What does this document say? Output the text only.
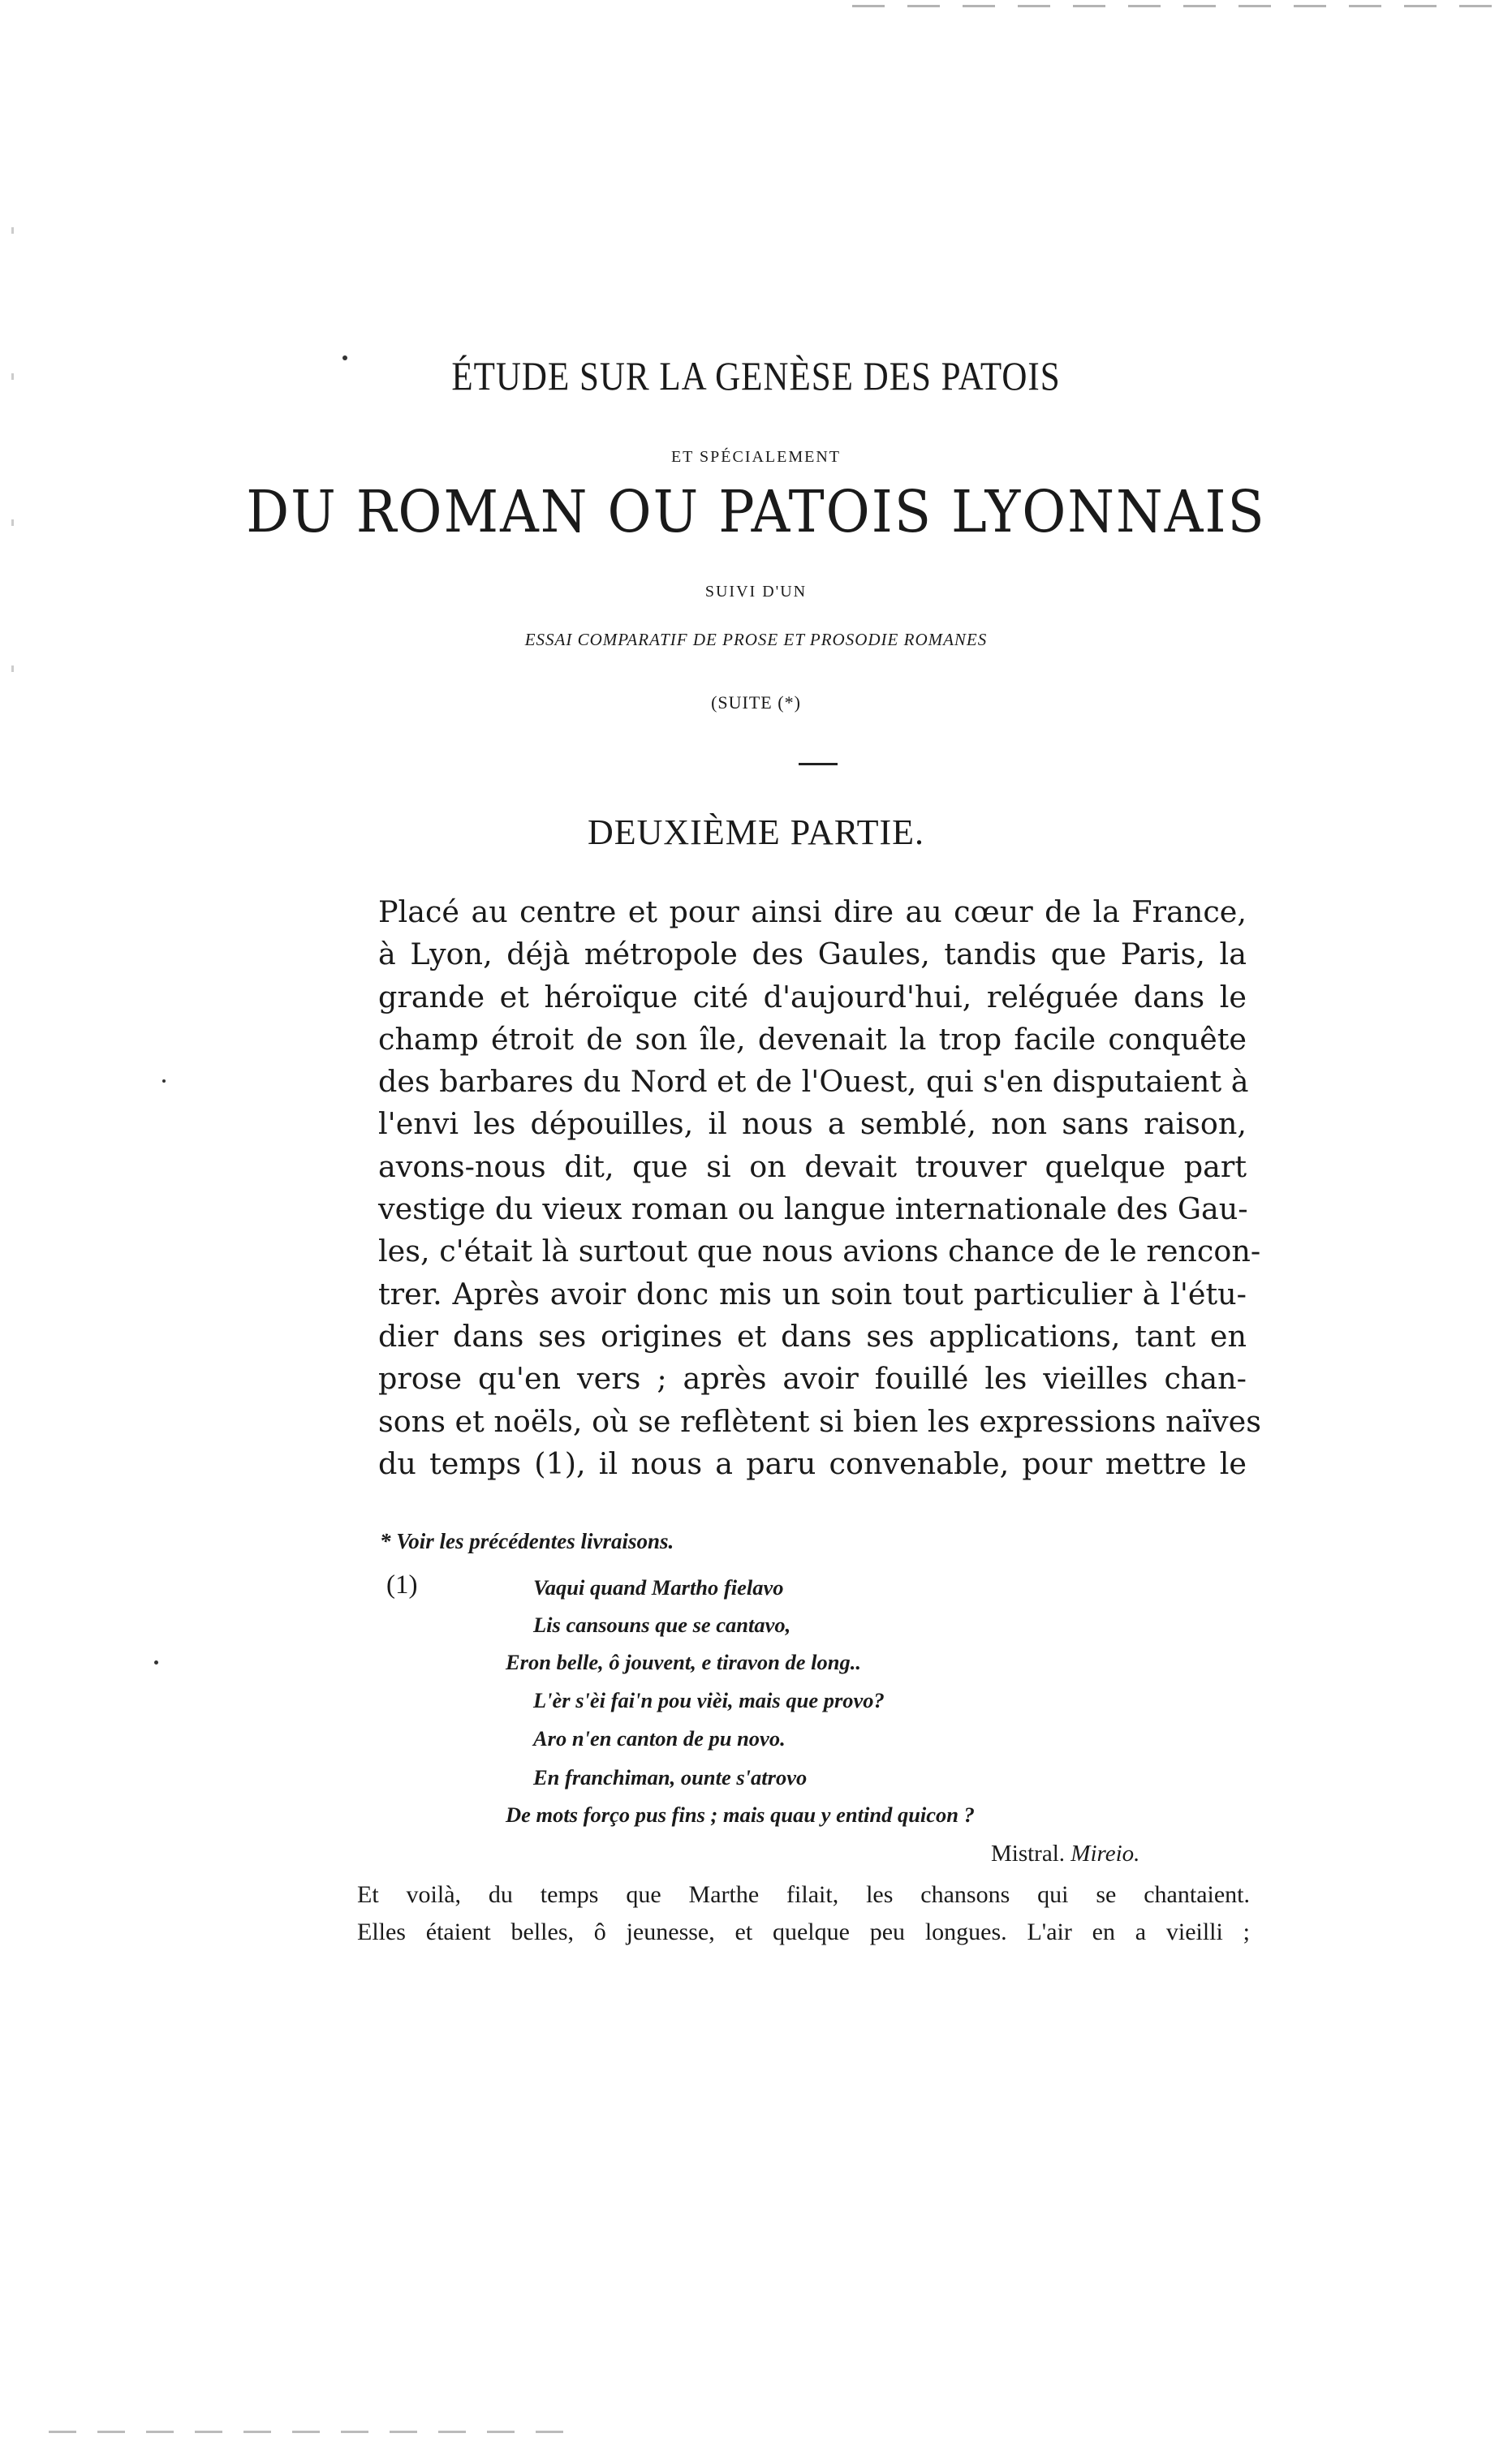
ÉTUDE SUR LA GENÈSE DES PATOIS
ET SPÉCIALEMENT
DU ROMAN OU PATOIS LYONNAIS
SUIVI D'UN
ESSAI COMPARATIF DE PROSE ET PROSODIE ROMANES
(SUITE (*)
DEUXIÈME PARTIE.
Placé au centre et pour ainsi dire au cœur de la France,
à Lyon, déjà métropole des Gaules, tandis que Paris, la
grande et héroïque cité d'aujourd'hui, reléguée dans le
champ étroit de son île, devenait la trop facile conquête
des barbares du Nord et de l'Ouest, qui s'en disputaient à
l'envi les dépouilles, il nous a semblé, non sans raison,
avons-nous dit, que si on devait trouver quelque part
vestige du vieux roman ou langue internationale des Gau-
les, c'était là surtout que nous avions chance de le rencon-
trer. Après avoir donc mis un soin tout particulier à l'étu-
dier dans ses origines et dans ses applications, tant en
prose qu'en vers ; après avoir fouillé les vieilles chan-
sons et noëls, où se reflètent si bien les expressions naïves
du temps (1), il nous a paru convenable, pour mettre le
* Voir les précédentes livraisons.
(1)	Vaqui quand Martho fielavo
Lis cansouns que se cantavo,
Eron belle, ô jouvent, e tiravon de long..
L'èr s'èi fai'n pou vièi, mais que provo?
Aro n'en canton de pu novo.
En franchiman, ounte s'atrovo
De mots forço pus fins ; mais quau y entind quicon ?
Mistral. Mireio.
Et voilà, du temps que Marthe filait, les chansons qui se chantaient.
Elles étaient belles, ô jeunesse, et quelque peu longues. L'air en a vieilli ;
